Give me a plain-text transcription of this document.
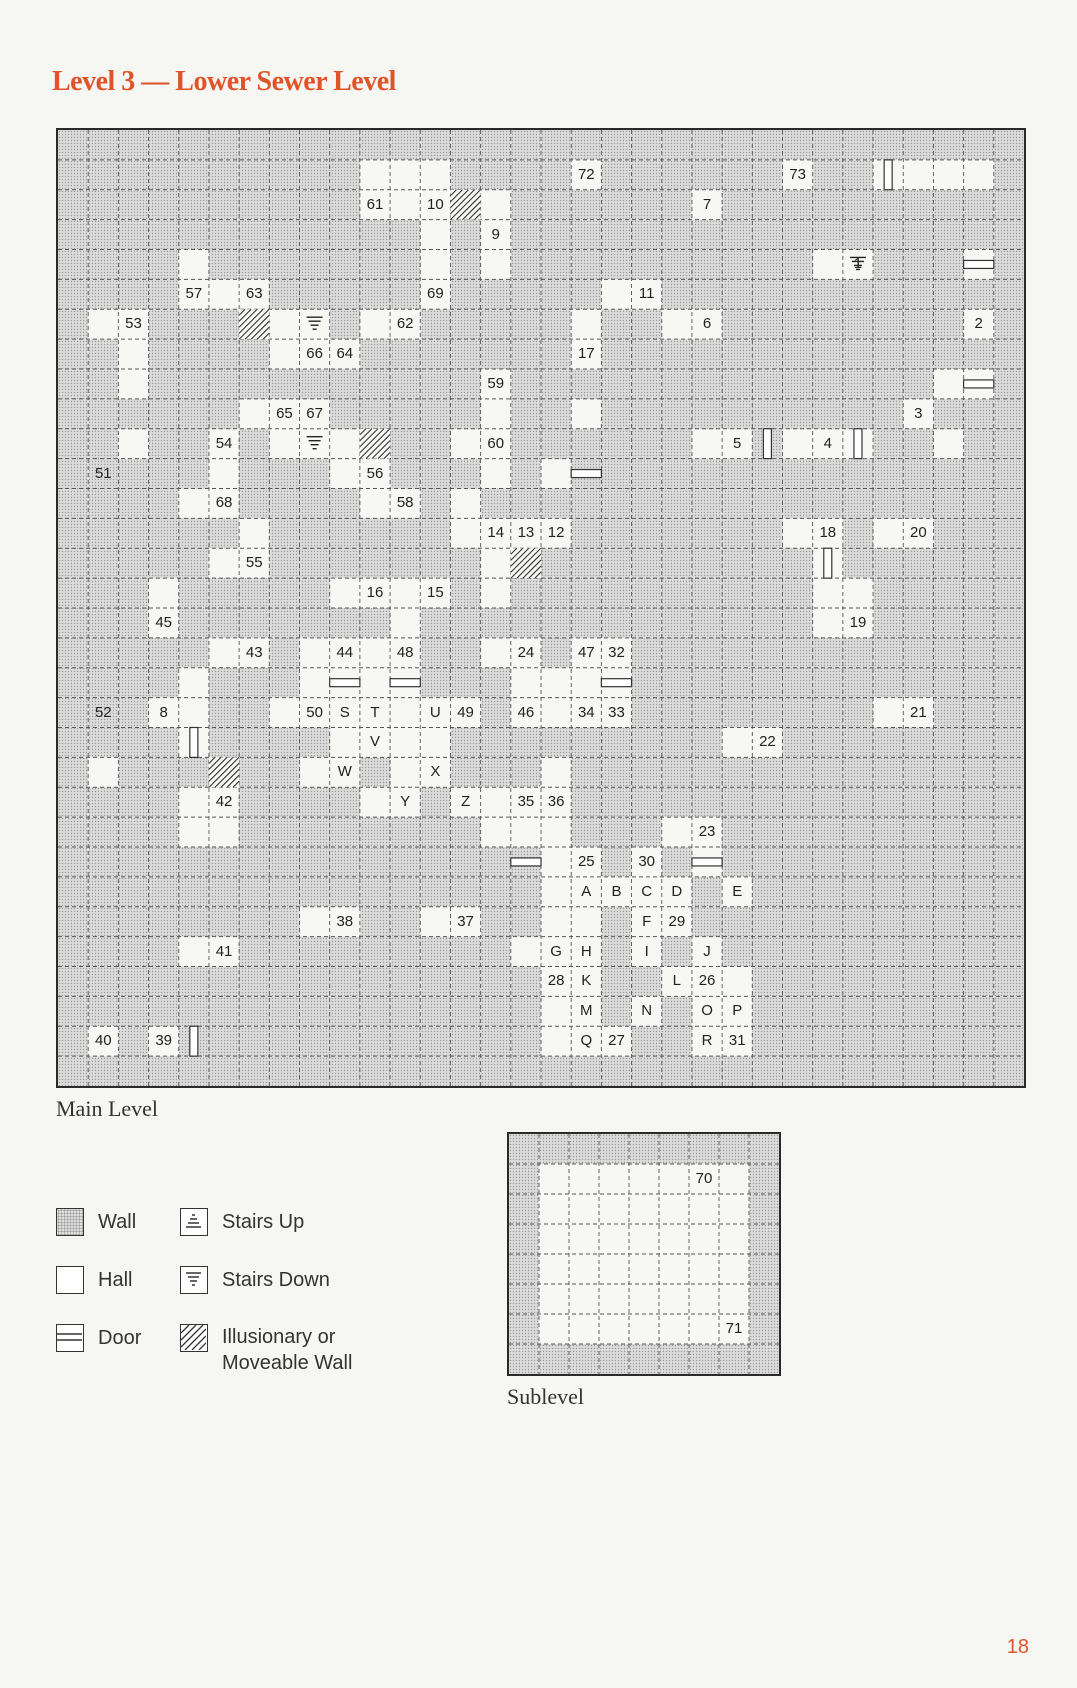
Level 3 — Lower Sewer Level
72	73
61	10	7
9
1
57	63	69	11
53	62	6	2
66 64	17
59
65 67	3
54	60	5	4
51	56
68	58
14 13 12	18	20
55
16	15
45	19
43	44	48	24	47 32
52	8	50 S T	U 49	46	34 33	21
V	22
W	X
42	Y	Z	35 36
23
25	30
A B C D	E
38	37	F 29
41	G H	I	J
28 K	L 26
M	N	O P
40	39	Q 27	R 31
Main Level
70
71
Sublevel
Wall
Hall
Door
Stairs Up
Stairs Down
Illusionary or
Moveable Wall
18
